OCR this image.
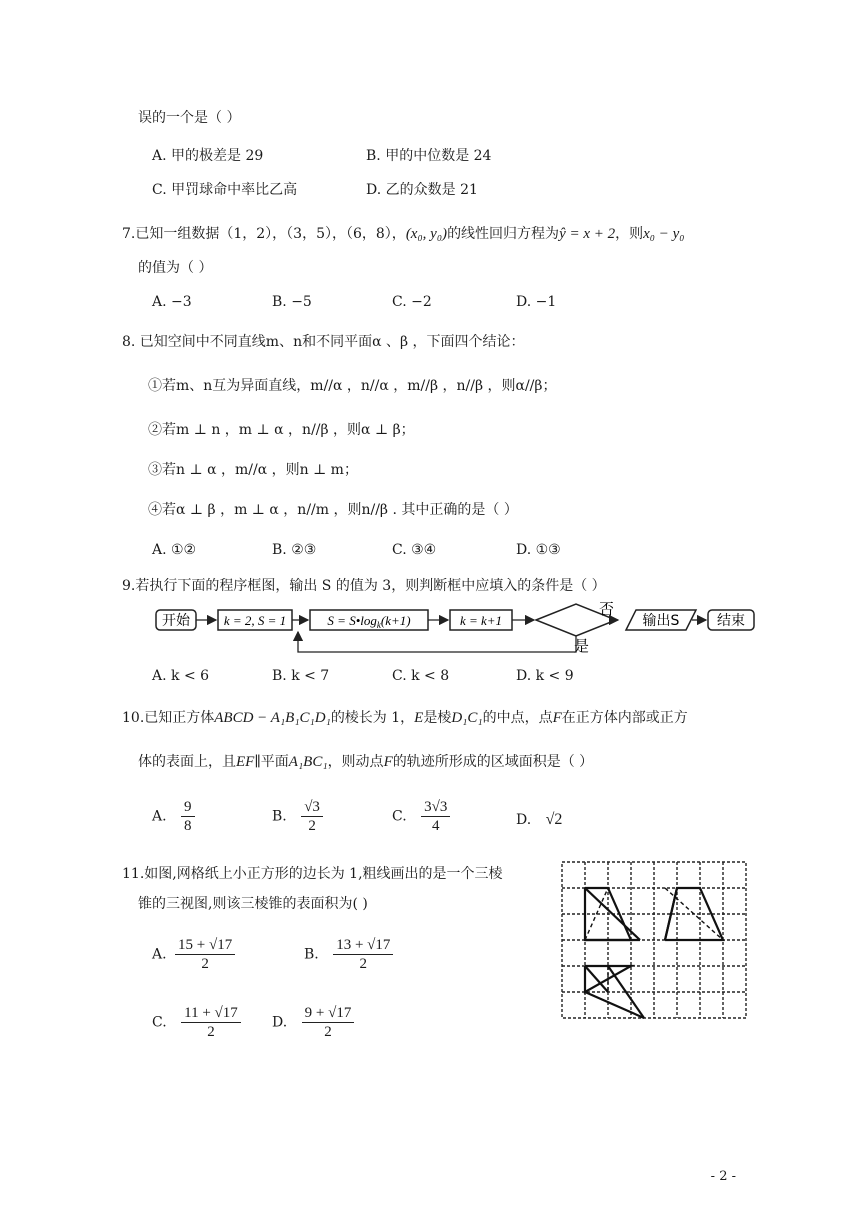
误的一个是（ ）
A. 甲的极差是 29	B. 甲的中位数是 24
C. 甲罚球命中率比乙高	D. 乙的众数是 21
7.已知一组数据（1，2），（3，5），（6，8），(x₀, y₀)的线性回归方程为ŷ = x + 2，则x₀ − y₀
的值为（ ）
A. −3	B. −5	C. −2	D. −1
8. 已知空间中不同直线m、n和不同平面α 、β ，下面四个结论：
①若m、n互为异面直线，m//α ，n//α ，m//β ，n//β ，则α//β；
②若m ⊥ n ，m ⊥ α ，n//β ，则α ⊥ β；
③若n ⊥ α ，m//α ，则n ⊥ m；
④若α ⊥ β ，m ⊥ α ，n//m ，则n//β . 其中正确的是（ ）
A. ①②	B. ②③	C. ③④	D. ①③
9.若执行下面的程序框图，输出 S 的值为 3，则判断框中应填入的条件是（ ）
开始	k = 2, S = 1	$S = S•\log_k(k+1)$	k = k+1
否
输出S	结束
是
A. k < 6	B. k < 7	C. k < 8	D. k < 9
10.已知正方体ABCD − A₁B₁C₁D₁的棱长为 1，E是棱D₁C₁的中点，点F在正方体内部或正方
体的表面上，且EF∥平面A₁BC₁，则动点F的轨迹所形成的区域面积是（ ）
A. $\frac{9}{8}$	B. $\frac{√3}{2}$	C. $\frac{3√3}{4}$	D. √2
11.如图,网格纸上小正方形的边长为 1,粗线画出的是一个三棱
锥的三视图,则该三棱锥的表面积为( )
A. $\frac{15 + √17}{2}$	B. $\frac{13 + √17}{2}$
C. $\frac{11 + √17}{2} D$. $\frac{9 + √17}{2}$
- 2 -
